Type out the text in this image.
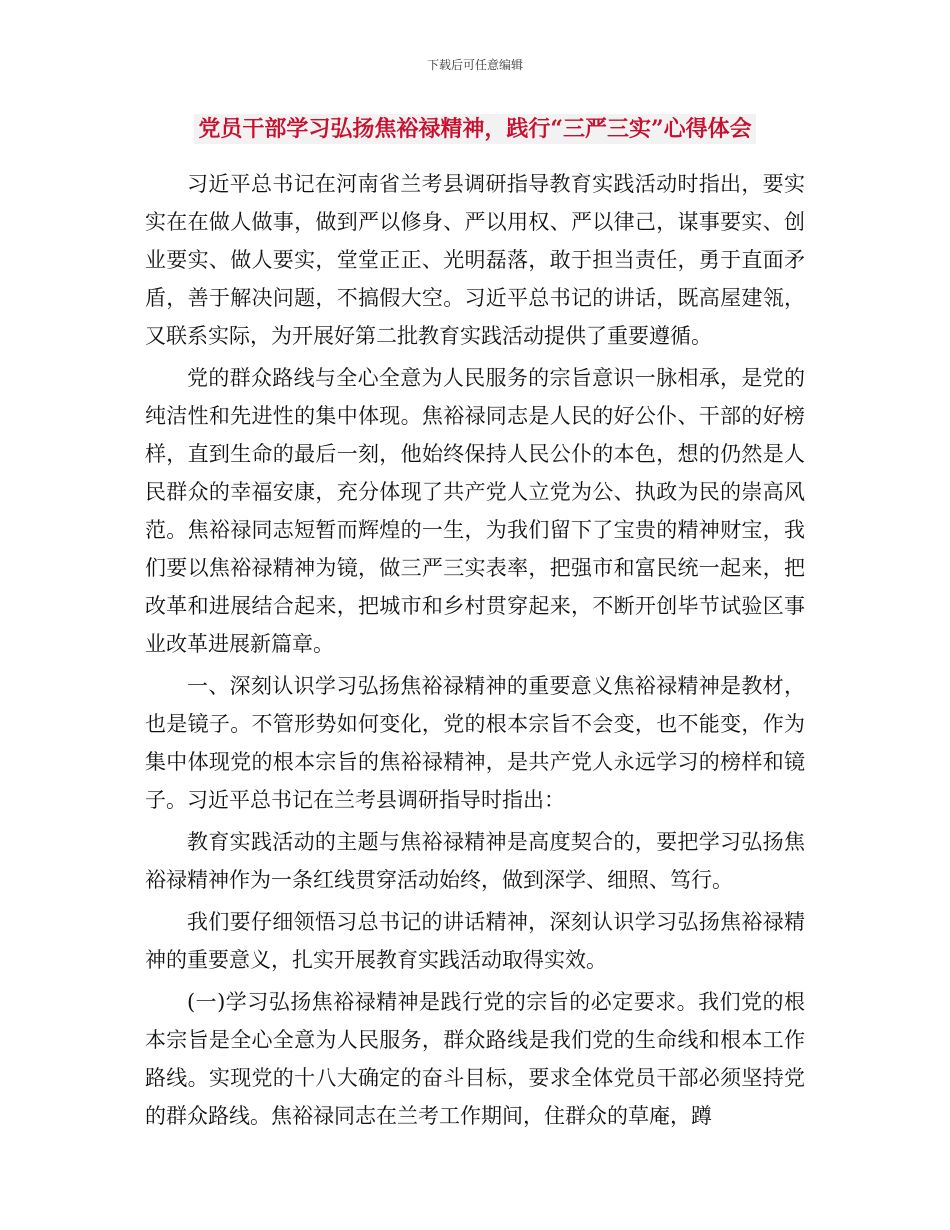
下载后可任意编辑
党员干部学习弘扬焦裕禄精神，践行“三严三实”心得体会

习近平总书记在河南省兰考县调研指导教育实践活动时指出，要实实在在做人做事，做到严以修身、严以用权、严以律己，谋事要实、创业要实、做人要实，堂堂正正、光明磊落，敢于担当责任，勇于直面矛盾，善于解决问题，不搞假大空。习近平总书记的讲话，既高屋建瓴，又联系实际，为开展好第二批教育实践活动提供了重要遵循。

党的群众路线与全心全意为人民服务的宗旨意识一脉相承，是党的纯洁性和先进性的集中体现。焦裕禄同志是人民的好公仆、干部的好榜样，直到生命的最后一刻，他始终保持人民公仆的本色，想的仍然是人民群众的幸福安康，充分体现了共产党人立党为公、执政为民的崇高风范。焦裕禄同志短暂而辉煌的一生，为我们留下了宝贵的精神财宝，我们要以焦裕禄精神为镜，做三严三实表率，把强市和富民统一起来，把改革和进展结合起来，把城市和乡村贯穿起来，不断开创毕节试验区事业改革进展新篇章。

一、深刻认识学习弘扬焦裕禄精神的重要意义焦裕禄精神是教材，也是镜子。不管形势如何变化，党的根本宗旨不会变，也不能变，作为集中体现党的根本宗旨的焦裕禄精神，是共产党人永远学习的榜样和镜子。习近平总书记在兰考县调研指导时指出：

教育实践活动的主题与焦裕禄精神是高度契合的，要把学习弘扬焦裕禄精神作为一条红线贯穿活动始终，做到深学、细照、笃行。

我们要仔细领悟习总书记的讲话精神，深刻认识学习弘扬焦裕禄精神的重要意义，扎实开展教育实践活动取得实效。

(一)学习弘扬焦裕禄精神是践行党的宗旨的必定要求。我们党的根本宗旨是全心全意为人民服务，群众路线是我们党的生命线和根本工作路线。实现党的十八大确定的奋斗目标，要求全体党员干部必须坚持党的群众路线。焦裕禄同志在兰考工作期间，住群众的草庵，蹲
